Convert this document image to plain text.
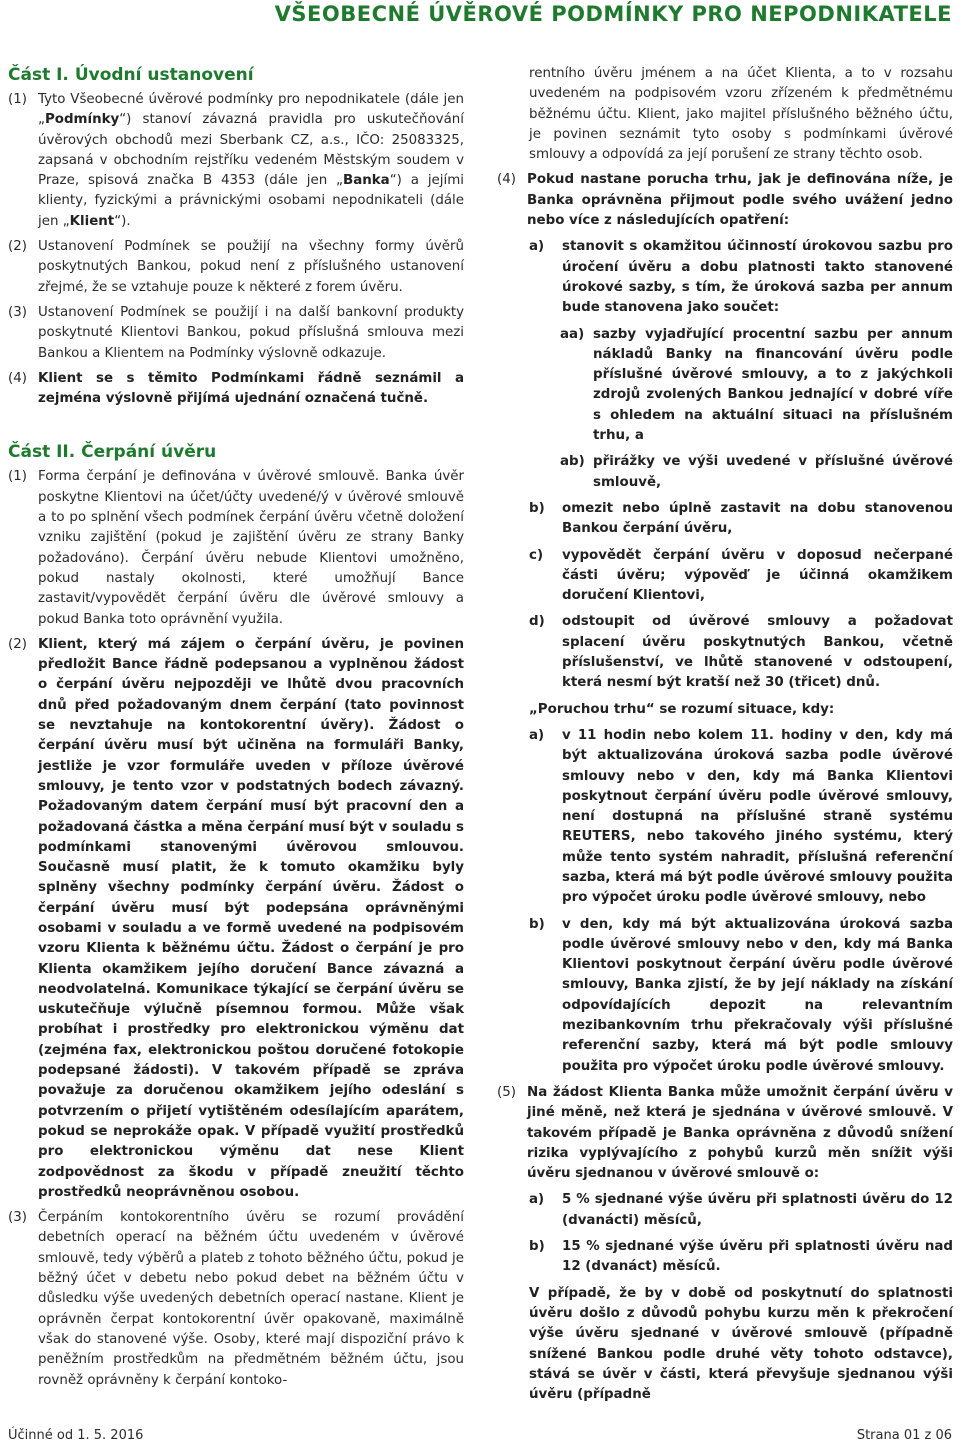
VŠEOBECNÉ ÚVĚROVÉ PODMÍNKY PRO NEPODNIKATELE
Část I. Úvodní ustanovení
(1) Tyto Všeobecné úvěrové podmínky pro nepodnikatele (dále jen „Podmínky“) stanoví závazná pravidla pro uskutečňování úvěrových obchodů mezi Sberbank CZ, a.s., IČO: 25083325, zapsaná v obchodním rejstříku vedeném Městským soudem v Praze, spisová značka B 4353 (dále jen „Banka“) a jejími klienty, fyzickými a právnickými osobami nepodnikateli (dále jen „Klient“).
(2) Ustanovení Podmínek se použijí na všechny formy úvěrů poskytnutých Bankou, pokud není z příslušného ustanovení zřejmé, že se vztahuje pouze k některé z forem úvěru.
(3) Ustanovení Podmínek se použijí i na další bankovní produkty poskytnuté Klientovi Bankou, pokud příslušná smlouva mezi Bankou a Klientem na Podmínky výslovně odkazuje.
(4) Klient se s těmito Podmínkami řádně seznámil a zejména výslovně přijímá ujednání označená tučně.
Část II. Čerpání úvěru
(1) Forma čerpání je definována v úvěrové smlouvě. Banka úvěr poskytne Klientovi na účet/účty uvedené/ý v úvěrové smlouvě a to po splnění všech podmínek čerpání úvěru včetně doložení vzniku zajištění (pokud je zajištění úvěru ze strany Banky požadováno). Čerpání úvěru nebude Klientovi umožněno, pokud nastaly okolnosti, které umožňují Bance zastavit/vypovědět čerpání úvěru dle úvěrové smlouvy a pokud Banka toto oprávnění využila.
(2) Klient, který má zájem o čerpání úvěru, je povinen předložit Bance řádně podepsanou a vyplněnou žádost o čerpání úvěru nejpozději ve lhůtě dvou pracovních dnů před požadovaným dnem čerpání (tato povinnost se nevztahuje na kontokorentní úvěry). Žádost o čerpání úvěru musí být učiněna na formuláři Banky, jestliže je vzor formuláře uveden v příloze úvěrové smlouvy, je tento vzor v podstatných bodech závazný. Požadovaným datem čerpání musí být pracovní den a požadovaná částka a měna čerpání musí být v souladu s podmínkami stanovenými úvěrovou smlouvou. Současně musí platit, že k tomuto okamžiku byly splněny všechny podmínky čerpání úvěru. Žádost o čerpání úvěru musí být podepsána oprávněnými osobami v souladu a ve formě uvedené na podpisovém vzoru Klienta k běžnému účtu. Žádost o čerpání je pro Klienta okamžikem jejího doručení Bance závazná a neodvolatelná. Komunikace týkající se čerpání úvěru se uskutečňuje výlučně písemnou formou. Může však probíhat i prostředky pro elektronickou výměnu dat (zejména fax, elektronickou poštou doručené fotokopie podepsané žádosti). V takovém případě se zpráva považuje za doručenou okamžikem jejího odeslání s potvrzením o přijetí vytištěném odesílajícím aparátem, pokud se neprokáže opak. V případě využití prostředků pro elektronickou výměnu dat nese Klient zodpovědnost za škodu v případě zneužití těchto prostředků neoprávněnou osobou.
(3) Čerpáním kontokorentního úvěru se rozumí provádění debetních operací na běžném účtu uvedeném v úvěrové smlouvě, tedy výběrů a plateb z tohoto běžného účtu, pokud je běžný účet v debetu nebo pokud debet na běžném účtu v důsledku výše uvedených debetních operací nastane. Klient je oprávněn čerpat kontokorentní úvěr opakovaně, maximálně však do stanovené výše. Osoby, které mají dispoziční právo k peněžním prostředkům na předmětném běžném účtu, jsou rovněž oprávněny k čerpání kontoko-
rentního úvěru jménem a na účet Klienta, a to v rozsahu uvedeném na podpisovém vzoru zřízeném k předmětnému běžnému účtu. Klient, jako majitel příslušného běžného účtu, je povinen seznámit tyto osoby s podmínkami úvěrové smlouvy a odpovídá za její porušení ze strany těchto osob.
(4) Pokud nastane porucha trhu, jak je definována níže, je Banka oprávněna přijmout podle svého uvážení jedno nebo více z následujících opatření:
a)	stanovit s okamžitou účinností úrokovou sazbu pro úročení úvěru a dobu platnosti takto stanovené úrokové sazby, s tím, že úroková sazba per annum bude stanovena jako součet:
aa) sazby vyjadřující procentní sazbu per annum nákladů Banky na financování úvěru podle příslušné úvěrové smlouvy, a to z jakýchkoli zdrojů zvolených Bankou jednající v dobré víře s ohledem na aktuální situaci na příslušném trhu, a
ab) přirážky ve výši uvedené v příslušné úvěrové smlouvě,
b)	omezit nebo úplně zastavit na dobu stanovenou Bankou čerpání úvěru,
c)	vypovědět čerpání úvěru v doposud nečerpané části úvěru; výpověď je účinná okamžikem doručení Klientovi,
d)	odstoupit od úvěrové smlouvy a požadovat splacení úvěru poskytnutých Bankou, včetně příslušenství, ve lhůtě stanovené v odstoupení, která nesmí být kratší než 30 (třicet) dnů.
„Poruchou trhu“ se rozumí situace, kdy:
a)	v 11 hodin nebo kolem 11. hodiny v den, kdy má být aktualizována úroková sazba podle úvěrové smlouvy nebo v den, kdy má Banka Klientovi poskytnout čerpání úvěru podle úvěrové smlouvy, není dostupná na příslušné straně systému REUTERS, nebo takového jiného systému, který může tento systém nahradit, příslušná referenční sazba, která má být podle úvěrové smlouvy použita pro výpočet úroku podle úvěrové smlouvy, nebo
b)	v den, kdy má být aktualizována úroková sazba podle úvěrové smlouvy nebo v den, kdy má Banka Klientovi poskytnout čerpání úvěru podle úvěrové smlouvy, Banka zjistí, že by její náklady na získání odpovídajících depozit na relevantním mezibankovním trhu překračovaly výši příslušné referenční sazby, která má být podle smlouvy použita pro výpočet úroku podle úvěrové smlouvy.
(5) Na žádost Klienta Banka může umožnit čerpání úvěru v jiné měně, než která je sjednána v úvěrové smlouvě. V takovém případě je Banka oprávněna z důvodů snížení rizika vyplývajícího z pohybů kurzů měn snížit výši úvěru sjednanou v úvěrové smlouvě o:
a)	5 % sjednané výše úvěru při splatnosti úvěru do 12 (dvanácti) měsíců,
b)	15 % sjednané výše úvěru při splatnosti úvěru nad 12 (dvanáct) měsíců.
V případě, že by v době od poskytnutí do splatnosti úvěru došlo z důvodů pohybu kurzu měn k překročení výše úvěru sjednané v úvěrové smlouvě (případně snížené Bankou podle druhé věty tohoto odstavce), stává se úvěr v části, která převyšuje sjednanou výši úvěru (případně
Účinné od 1. 5. 2016	Strana 01 z 06
